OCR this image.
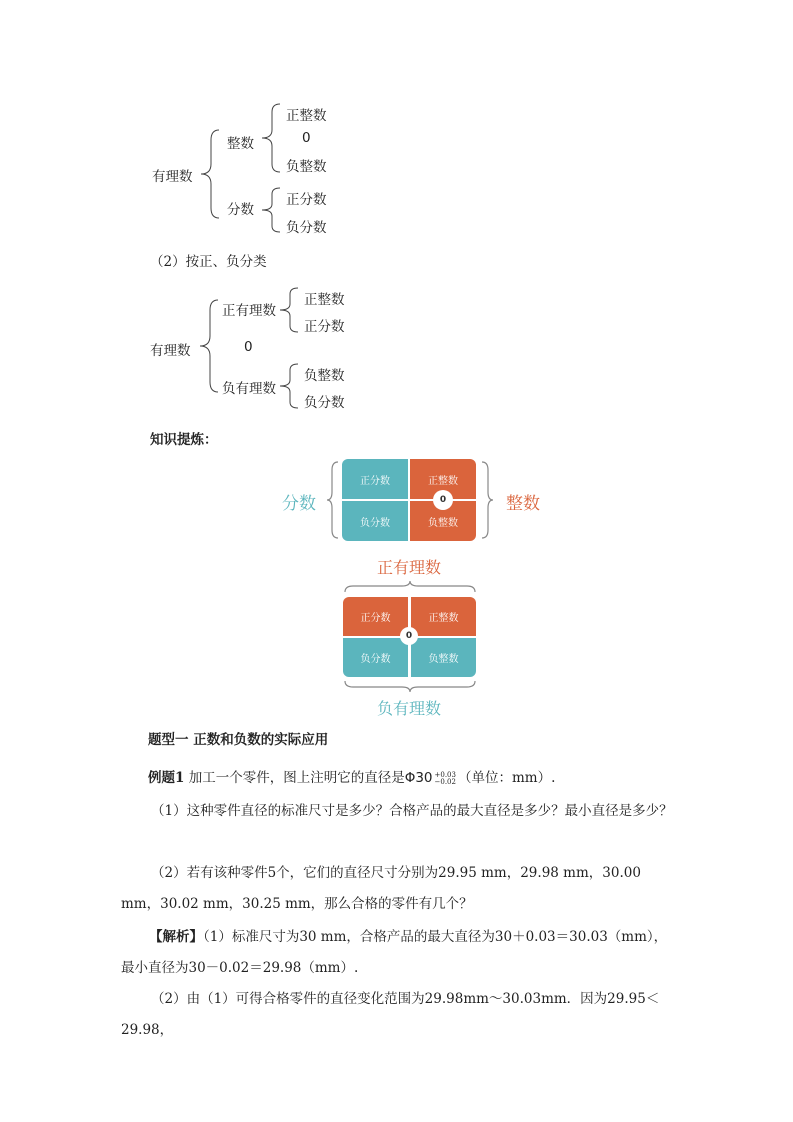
有理数
整数
分数
正整数
0
负整数
正分数
负分数
（2）按正、负分类
有理数
正有理数
0
负有理数
正整数
正分数
负整数
负分数
知识提炼：
分数
正分数	正整数
负分数	负整数
0	整数
正有理数
正分数	正整数
负分数	负整数
0
负有理数
题型一 正数和负数的实际应用
例题1 加工一个零件，图上注明它的直径是Φ30 +0.03
−0.02 （单位：mm）.
（1）这种零件直径的标准尺寸是多少？合格产品的最大直径是多少？最小直径是多少？
（2）若有该种零件5个，它们的直径尺寸分别为29.95 mm，29.98 mm，30.00 mm，30.02 mm，30.25 mm，那么合格的零件有几个？
【解析】（1）标准尺寸为30 mm，合格产品的最大直径为30＋0.03＝30.03（mm），最小直径为30－0.02＝29.98（mm）.
（2）由（1）可得合格零件的直径变化范围为29.98mm～30.03mm．因为29.95＜29.98，
